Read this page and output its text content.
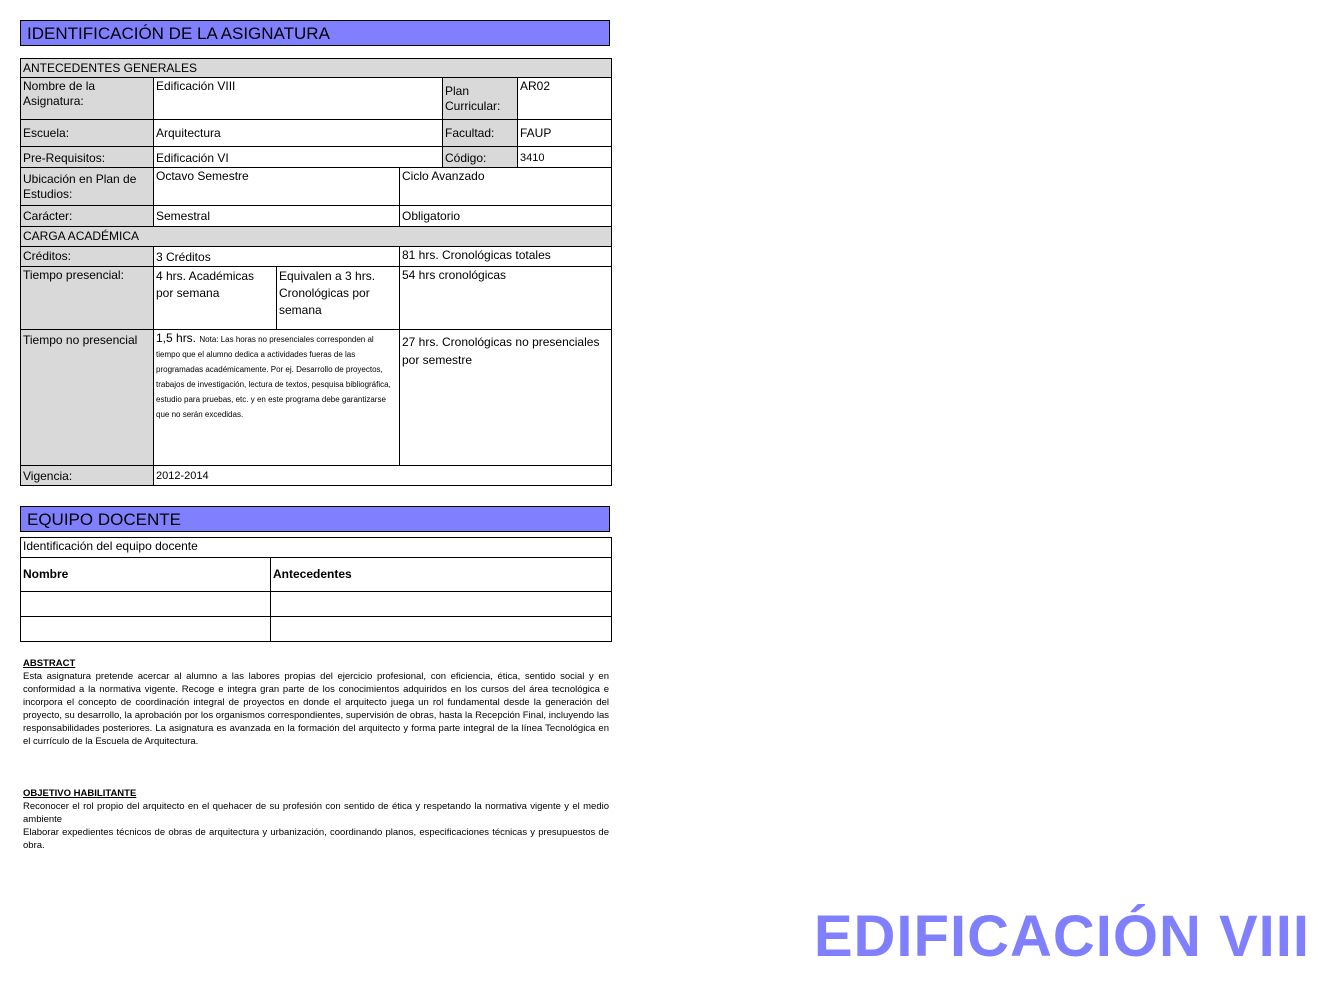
IDENTIFICACIÓN DE LA ASIGNATURA
ANTECEDENTES GENERALES					
Nombre de la Asignatura:	Edificación VIII			Plan Curricular:	AR02
Escuela:	Arquitectura			Facultad:	FAUP
Pre-Requisitos:	Edificación VI			Código:	3410
Ubicación en Plan de Estudios:	Octavo Semestre		Ciclo Avanzado		
Carácter:	Semestral		Obligatorio		
CARGA ACADÉMICA					
Créditos:	3 Créditos		81 hrs. Cronológicas totales		
Tiempo presencial:	4 hrs. Académicas por semana	Equivalen a 3 hrs. Cronológicas por semana	54 hrs cronológicas		
Tiempo no presencial	1,5 hrs. Nota: Las horas no presenciales corresponden al tiempo que el alumno dedica a actividades fueras de las programadas académicamente. Por ej. Desarrollo de proyectos, trabajos de investigación, lectura de textos, pesquisa bibliográfica, estudio para pruebas, etc. y en este programa debe garantizarse que no serán excedidas.		27 hrs. Cronológicas no presenciales por semestre		
Vigencia:	2012-2014				
EQUIPO DOCENTE
Identificación del equipo docente	
Nombre	Antecedentes

ABSTRACT
Esta asignatura pretende acercar al alumno a las labores propias del ejercicio profesional, con eficiencia, ética, sentido social y en conformidad a la normativa vigente. Recoge e integra gran parte de los conocimientos adquiridos en los cursos del área tecnológica e incorpora el concepto de coordinación integral de proyectos en donde el arquitecto juega un rol fundamental desde la generación del proyecto, su desarrollo, la aprobación por los organismos correspondientes, supervisión de obras, hasta la Recepción Final, incluyendo las responsabilidades posteriores. La asignatura es avanzada en la formación del arquitecto y forma parte integral de la línea Tecnológica en el currículo de la Escuela de Arquitectura.
OBJETIVO HABILITANTE
Reconocer el rol propio del arquitecto en el quehacer de su profesión con sentido de ética y respetando la normativa vigente y el medio ambiente
Elaborar expedientes técnicos de obras de arquitectura y urbanización, coordinando planos, especificaciones técnicas y presupuestos de obra.
EDIFICACIÓN VIII
